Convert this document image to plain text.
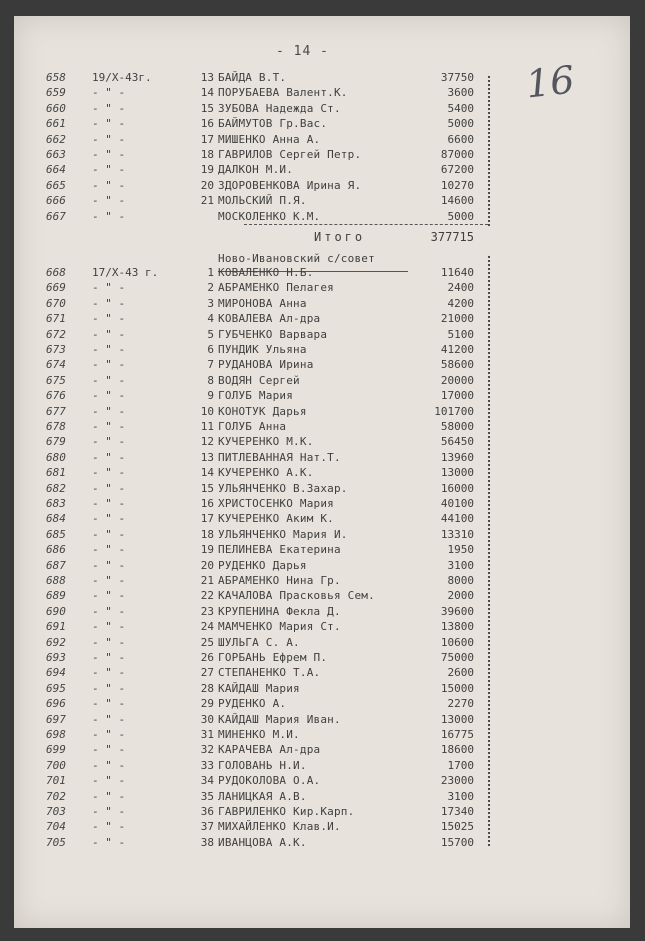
- 14 -
16
658 19/X-43г.	13 БАЙДА В.Т.	37750
659 - " -	14 ПОРУБАЕВА Валент.К.	3600
660 - " -	15 ЗУБОВА Надежда Ст.	5400
661 - " -	16 БАЙМУТОВ Гр.Вас.	5000
662 - " -	17 МИШЕНКО Анна А.	6600
663 - " -	18 ГАВРИЛОВ Сергей Петр.	87000
664 - " -	19 ДАЛКОН М.И.	67200
665 - " -	20 ЗДОРОВЕНКОВА Ирина Я.	10270
666 - " -	21 МОЛЬСКИЙ П.Я.	14600
667 - " -	МОСКОЛЕНКО К.М.	5000
Итого	377715
Ново-Ивановский с/совет
668 17/X-43 г.	1 КОВАЛЕНКО Н.Б.	11640
669 - " -	2 АБРАМЕНКО Пелагея	2400
670 - " -	3 МИРОНОВА Анна	4200
671 - " -	4 КОВАЛЕВА Ал-дра	21000
672 - " -	5 ГУБЧЕНКО Варвара	5100
673 - " -	6 ПУНДИК Ульяна	41200
674 - " -	7 РУДАНОВА Ирина	58600
675 - " -	8 ВОДЯН Сергей	20000
676 - " -	9 ГОЛУБ Мария	17000
677 - " -	10 КОНОТУК Дарья	101700
678 - " -	11 ГОЛУБ Анна	58000
679 - " -	12 КУЧЕРЕНКО М.К.	56450
680 - " -	13 ПИТЛЕВАННАЯ Нат.Т.	13960
681 - " -	14 КУЧЕРЕНКО А.К.	13000
682 - " -	15 УЛЬЯНЧЕНКО В.Захар.	16000
683 - " -	16 ХРИСТОСЕНКО Мария	40100
684 - " -	17 КУЧЕРЕНКО Аким К.	44100
685 - " -	18 УЛЬЯНЧЕНКО Мария И.	13310
686 - " -	19 ПЕЛИНЕВА Екатерина	1950
687 - " -	20 РУДЕНКО Дарья	3100
688 - " -	21 АБРАМЕНКО Нина Гр.	8000
689 - " -	22 КАЧАЛОВА Прасковья Сем.	2000
690 - " -	23 КРУПЕНИНА Фекла Д.	39600
691 - " -	24 МАМЧЕНКО Мария Ст.	13800
692 - " -	25 ШУЛЬГА С. А.	10600
693 - " -	26 ГОРБАНЬ Ефрем П.	75000
694 - " -	27 СТЕПАНЕНКО Т.А.	2600
695 - " -	28 КАЙДАШ Мария	15000
696 - " -	29 РУДЕНКО А.	2270
697 - " -	30 КАЙДАШ Мария Иван.	13000
698 - " -	31 МИНЕНКО М.И.	16775
699 - " -	32 КАРАЧЕВА Ал-дра	18600
700 - " -	33 ГОЛОВАНЬ Н.И.	1700
701 - " -	34 РУДОКОЛОВА О.А.	23000
702 - " -	35 ЛАНИЦКАЯ А.В.	3100
703 - " -	36 ГАВРИЛЕНКО Кир.Карп.	17340
704 - " -	37 МИХАЙЛЕНКО Клав.И.	15025
705 - " -	38 ИВАНЦОВА А.К.	15700
